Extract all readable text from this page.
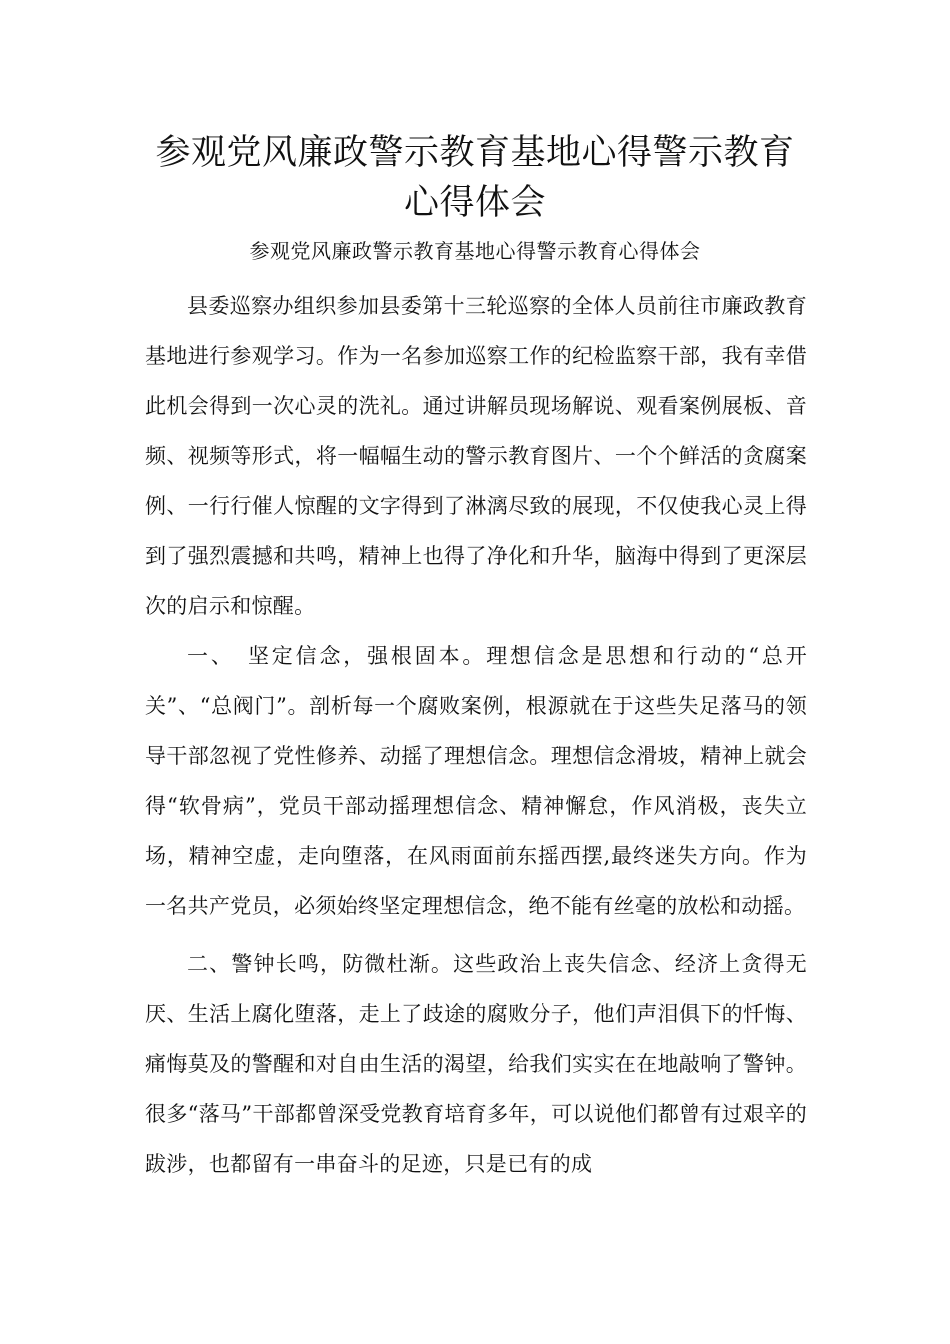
参观党风廉政警示教育基地心得警示教育心得体会

参观党风廉政警示教育基地心得警示教育心得体会

县委巡察办组织参加县委第十三轮巡察的全体人员前往市廉政教育基地进行参观学习。作为一名参加巡察工作的纪检监察干部，我有幸借此机会得到一次心灵的洗礼。通过讲解员现场解说、观看案例展板、音频、视频等形式，将一幅幅生动的警示教育图片、一个个鲜活的贪腐案例、一行行催人惊醒的文字得到了淋漓尽致的展现，不仅使我心灵上得到了强烈震撼和共鸣，精神上也得了净化和升华，脑海中得到了更深层次的启示和惊醒。

一、　坚定信念，强根固本。理想信念是思想和行动的“总开关”、“总阀门”。剖析每一个腐败案例，根源就在于这些失足落马的领导干部忽视了党性修养、动摇了理想信念。理想信念滑坡，精神上就会得“软骨病”，党员干部动摇理想信念、精神懈怠，作风消极，丧失立场，精神空虚，走向堕落，在风雨面前东摇西摆,最终迷失方向。作为一名共产党员，必须始终坚定理想信念，绝不能有丝毫的放松和动摇。

二、警钟长鸣，防微杜渐。这些政治上丧失信念、经济上贪得无厌、生活上腐化堕落，走上了歧途的腐败分子，他们声泪俱下的忏悔、痛悔莫及的警醒和对自由生活的渴望，给我们实实在在地敲响了警钟。很多“落马”干部都曾深受党教育培育多年，可以说他们都曾有过艰辛的跋涉，也都留有一串奋斗的足迹，只是已有的成
